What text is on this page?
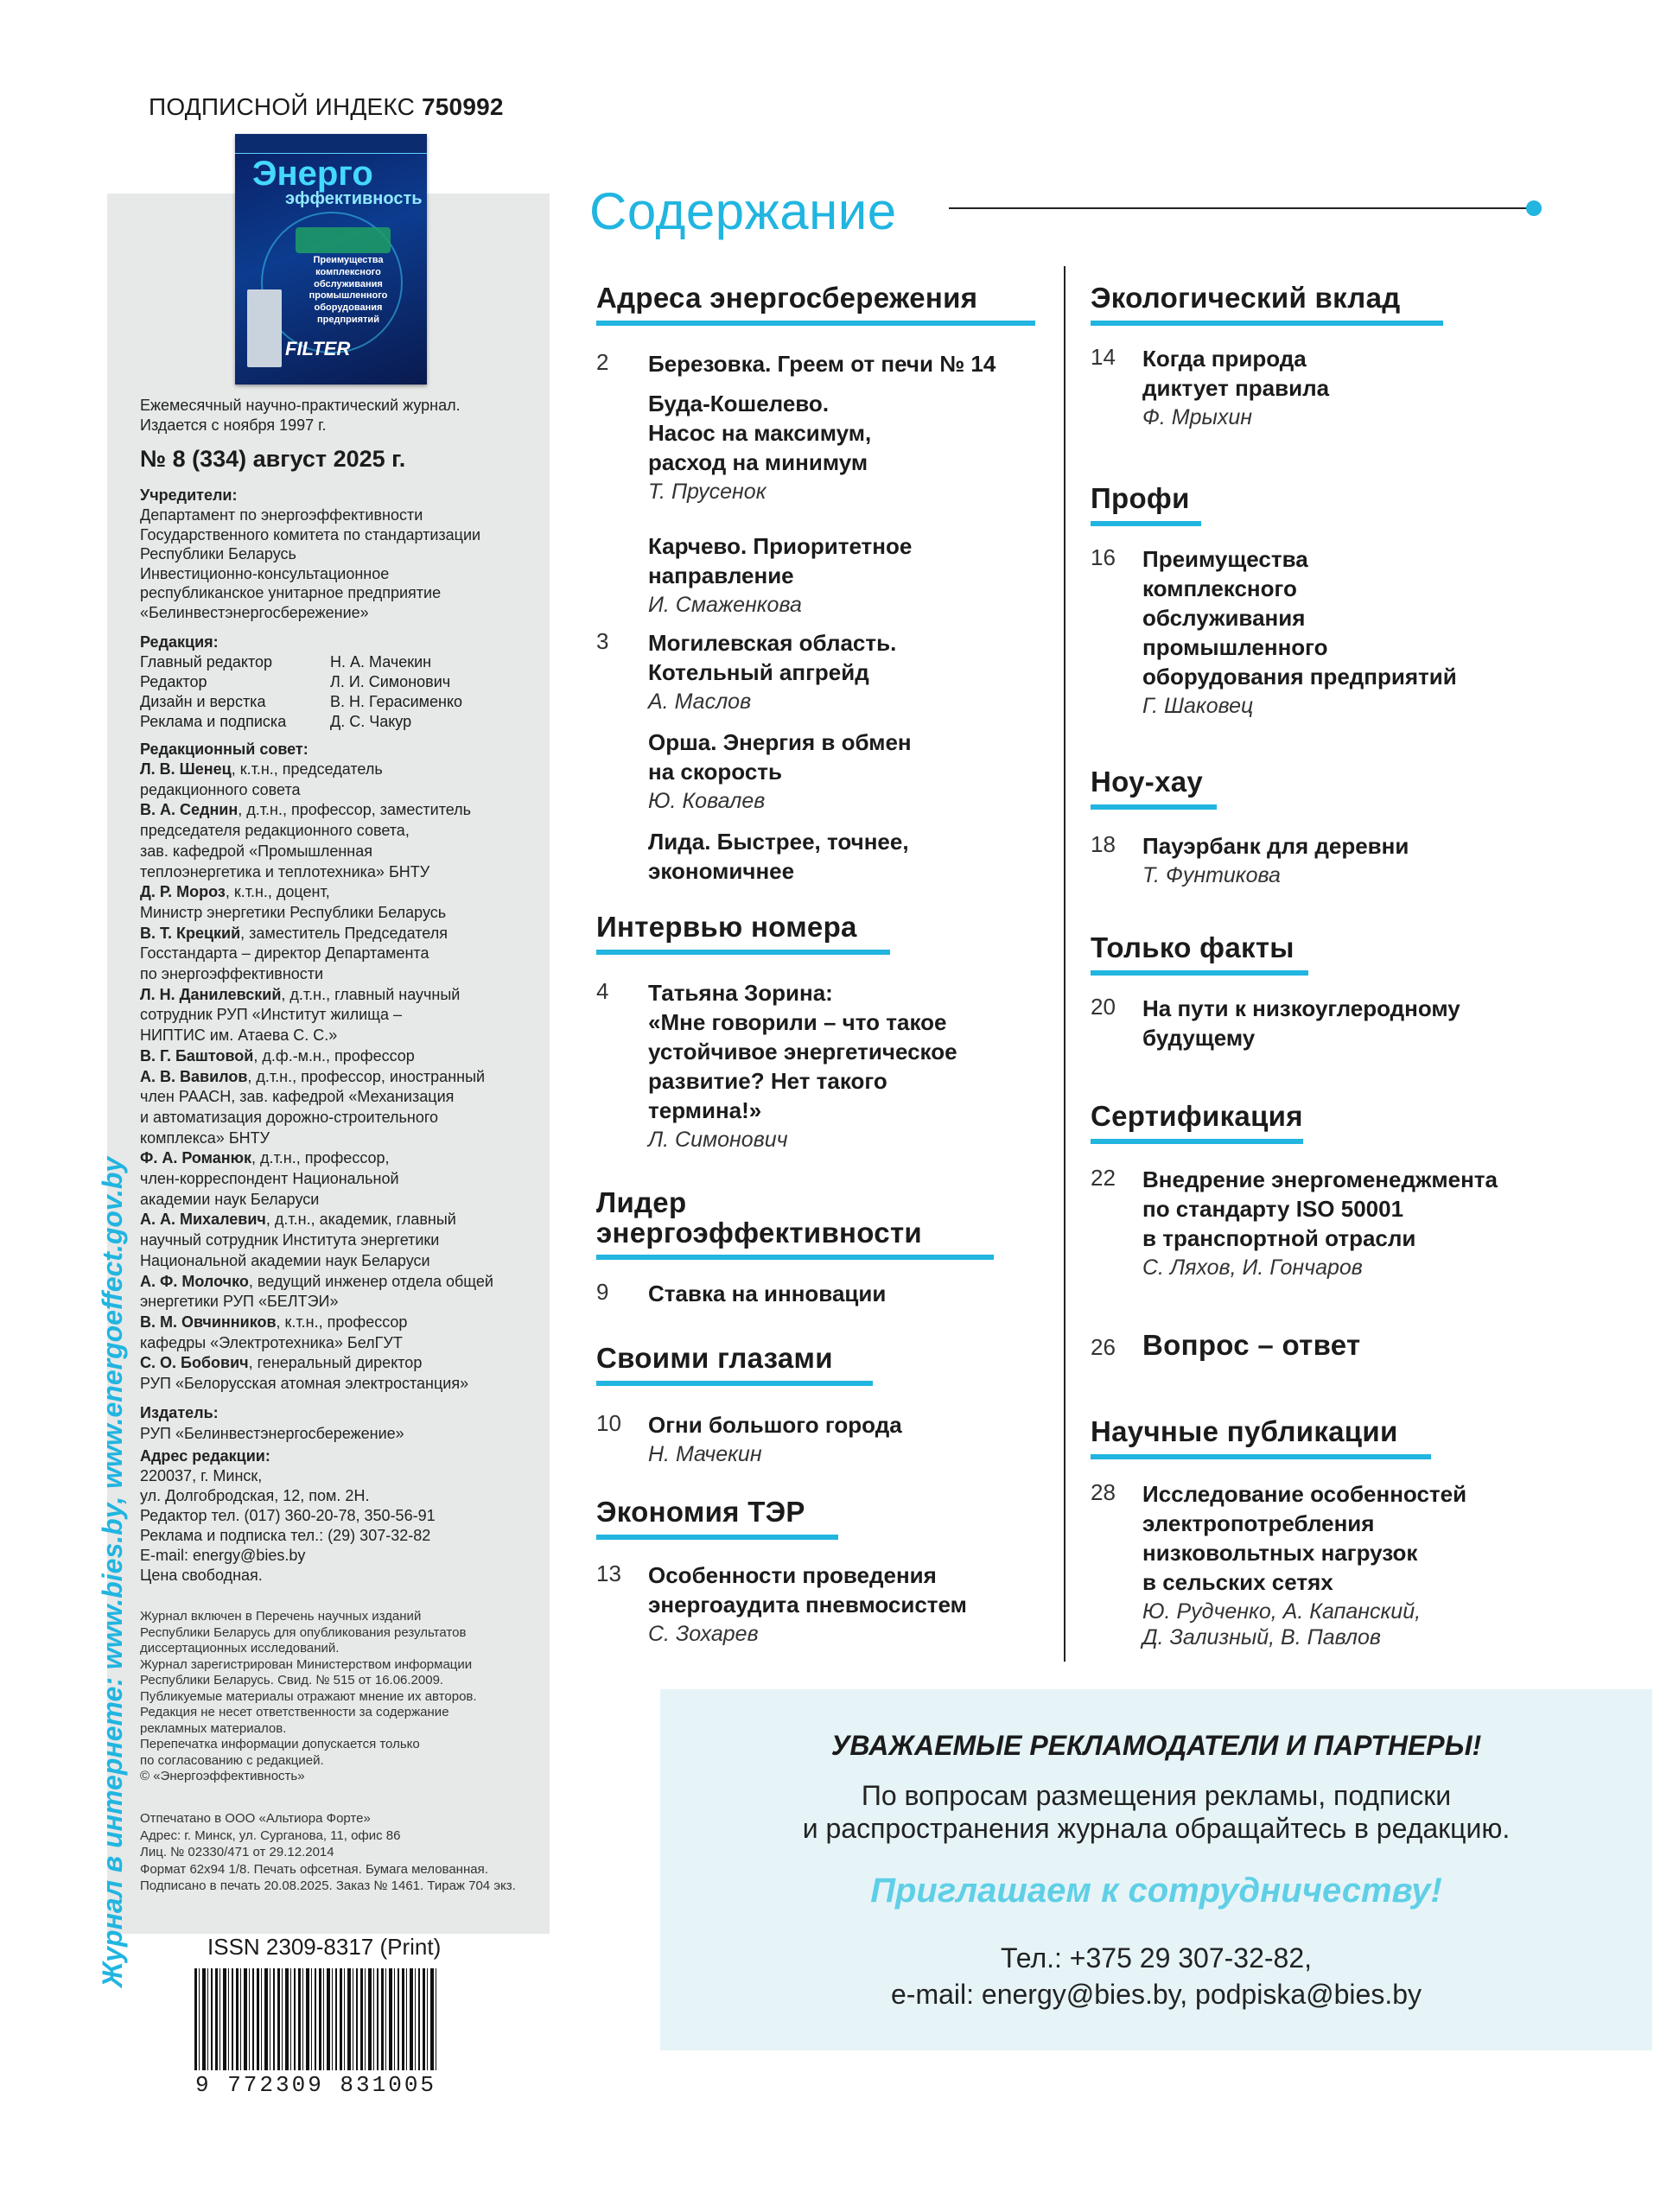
ПОДПИСНОЙ ИНДЕКС 750992
Энерго
эффективность
Преимущества комплексного обслуживания промышленного оборудования предприятий
FILTER
Ежемесячный научно-практический журнал.
Издается с ноября 1997 г.
№ 8 (334) август 2025 г.
Учредители:
Департамент по энергоэффективности
Государственного комитета по стандартизации
Республики Беларусь
Инвестиционно-консультационное
республиканское унитарное предприятие
«Белинвестэнергосбережение»
Редакция:
Главный редактор	Н. А. Мачекин
Редактор	Л. И. Симонович
Дизайн и верстка	В. Н. Герасименко
Реклама и подписка	Д. С. Чакур
Редакционный совет:
Л. В. Шенец, к.т.н., председатель
редакционного совета
В. А. Седнин, д.т.н., профессор, заместитель
председателя редакционного совета,
зав. кафедрой «Промышленная
теплоэнергетика и теплотехника» БНТУ
Д. Р. Мороз, к.т.н., доцент,
Министр энергетики Республики Беларусь
В. Т. Крецкий, заместитель Председателя
Госстандарта – директор Департамента
по энергоэффективности
Л. Н. Данилевский, д.т.н., главный научный
сотрудник РУП «Институт жилища –
НИПТИС им. Атаева С. С.»
В. Г. Баштовой, д.ф.-м.н., профессор
А. В. Вавилов, д.т.н., профессор, иностранный
член РААСН, зав. кафедрой «Механизация
и автоматизация дорожно-строительного
комплекса» БНТУ
Ф. А. Романюк, д.т.н., профессор,
член-корреспондент Национальной
академии наук Беларуси
А. А. Михалевич, д.т.н., академик, главный
научный сотрудник Института энергетики
Национальной академии наук Беларуси
А. Ф. Молочко, ведущий инженер отдела общей
энергетики РУП «БЕЛТЭИ»
В. М. Овчинников, к.т.н., профессор
кафедры «Электротехника» БелГУТ
С. О. Бобович, генеральный директор
РУП «Белорусская атомная электростанция»
Издатель:
РУП «Белинвестэнергосбережение»
Адрес редакции:
220037, г. Минск,
ул. Долгобродская, 12, пом. 2Н.
Редактор тел. (017) 360-20-78, 350-56-91
Реклама и подписка тел.: (29) 307-32-82
E-mail: energy@bies.by
Цена свободная.
Журнал включен в Перечень научных изданий
Республики Беларусь для опубликования результатов
диссертационных исследований.
Журнал зарегистрирован Министерством информации
Республики Беларусь. Свид. № 515 от 16.06.2009.
Публикуемые материалы отражают мнение их авторов.
Редакция не несет ответственности за содержание
рекламных материалов.
Перепечатка информации допускается только
по согласованию с редакцией.
© «Энергоэффективность»
Отпечатано в ООО «Альтиора Форте»
Адрес: г. Минск, ул. Сурганова, 11, офис 86
Лиц. № 02330/471 от 29.12.2014
Формат 62х94 1/8. Печать офсетная. Бумага мелованная.
Подписано в печать 20.08.2025. Заказ № 1461. Тираж 704 экз.
ISSN 2309-8317 (Print)
9 772309 831005
Журнал в интернете: www.bies.by, www.energoeffect.gov.by
Содержание
Адреса энергосбережения
2 Березовка. Греем от печи № 14
Буда-Кошелево.
Насос на максимум,
расход на минимум
Т. Прусенок
Карчево. Приоритетное
направление
И. Смаженкова
3 Могилевская область.
Котельный апгрейд
А. Маслов
Орша. Энергия в обмен
на скорость
Ю. Ковалев
Лида. Быстрее, точнее,
экономичнее
Интервью номера
4 Татьяна Зорина:
«Мне говорили – что такое
устойчивое энергетическое
развитие? Нет такого
термина!»
Л. Симонович
Лидер
энергоэффективности
9 Ставка на инновации
Своими глазами
10 Огни большого города
Н. Мачекин
Экономия ТЭР
13 Особенности проведения
энергоаудита пневмосистем
С. Зохарев
Экологический вклад
14 Когда природа
диктует правила
Ф. Мрыхин
Профи
16 Преимущества
комплексного
обслуживания
промышленного
оборудования предприятий
Г. Шаковец
Ноу-хау
18 Пауэрбанк для деревни
Т. Фунтикова
Только факты
20 На пути к низкоуглеродному
будущему
Сертификация
22 Внедрение энергоменеджмента
по стандарту ISO 50001
в транспортной отрасли
С. Ляхов, И. Гончаров
26 Вопрос – ответ
Научные публикации
28 Исследование особенностей
электропотребления
низковольтных нагрузок
в сельских сетях
Ю. Рудченко, А. Капанский,
Д. Зализный, В. Павлов
УВАЖАЕМЫЕ РЕКЛАМОДАТЕЛИ И ПАРТНЕРЫ!
По вопросам размещения рекламы, подписки
и распространения журнала обращайтесь в редакцию.
Приглашаем к сотрудничеству!
Тел.: +375 29 307-32-82,
e-mail: energy@bies.by, podpiska@bies.by
